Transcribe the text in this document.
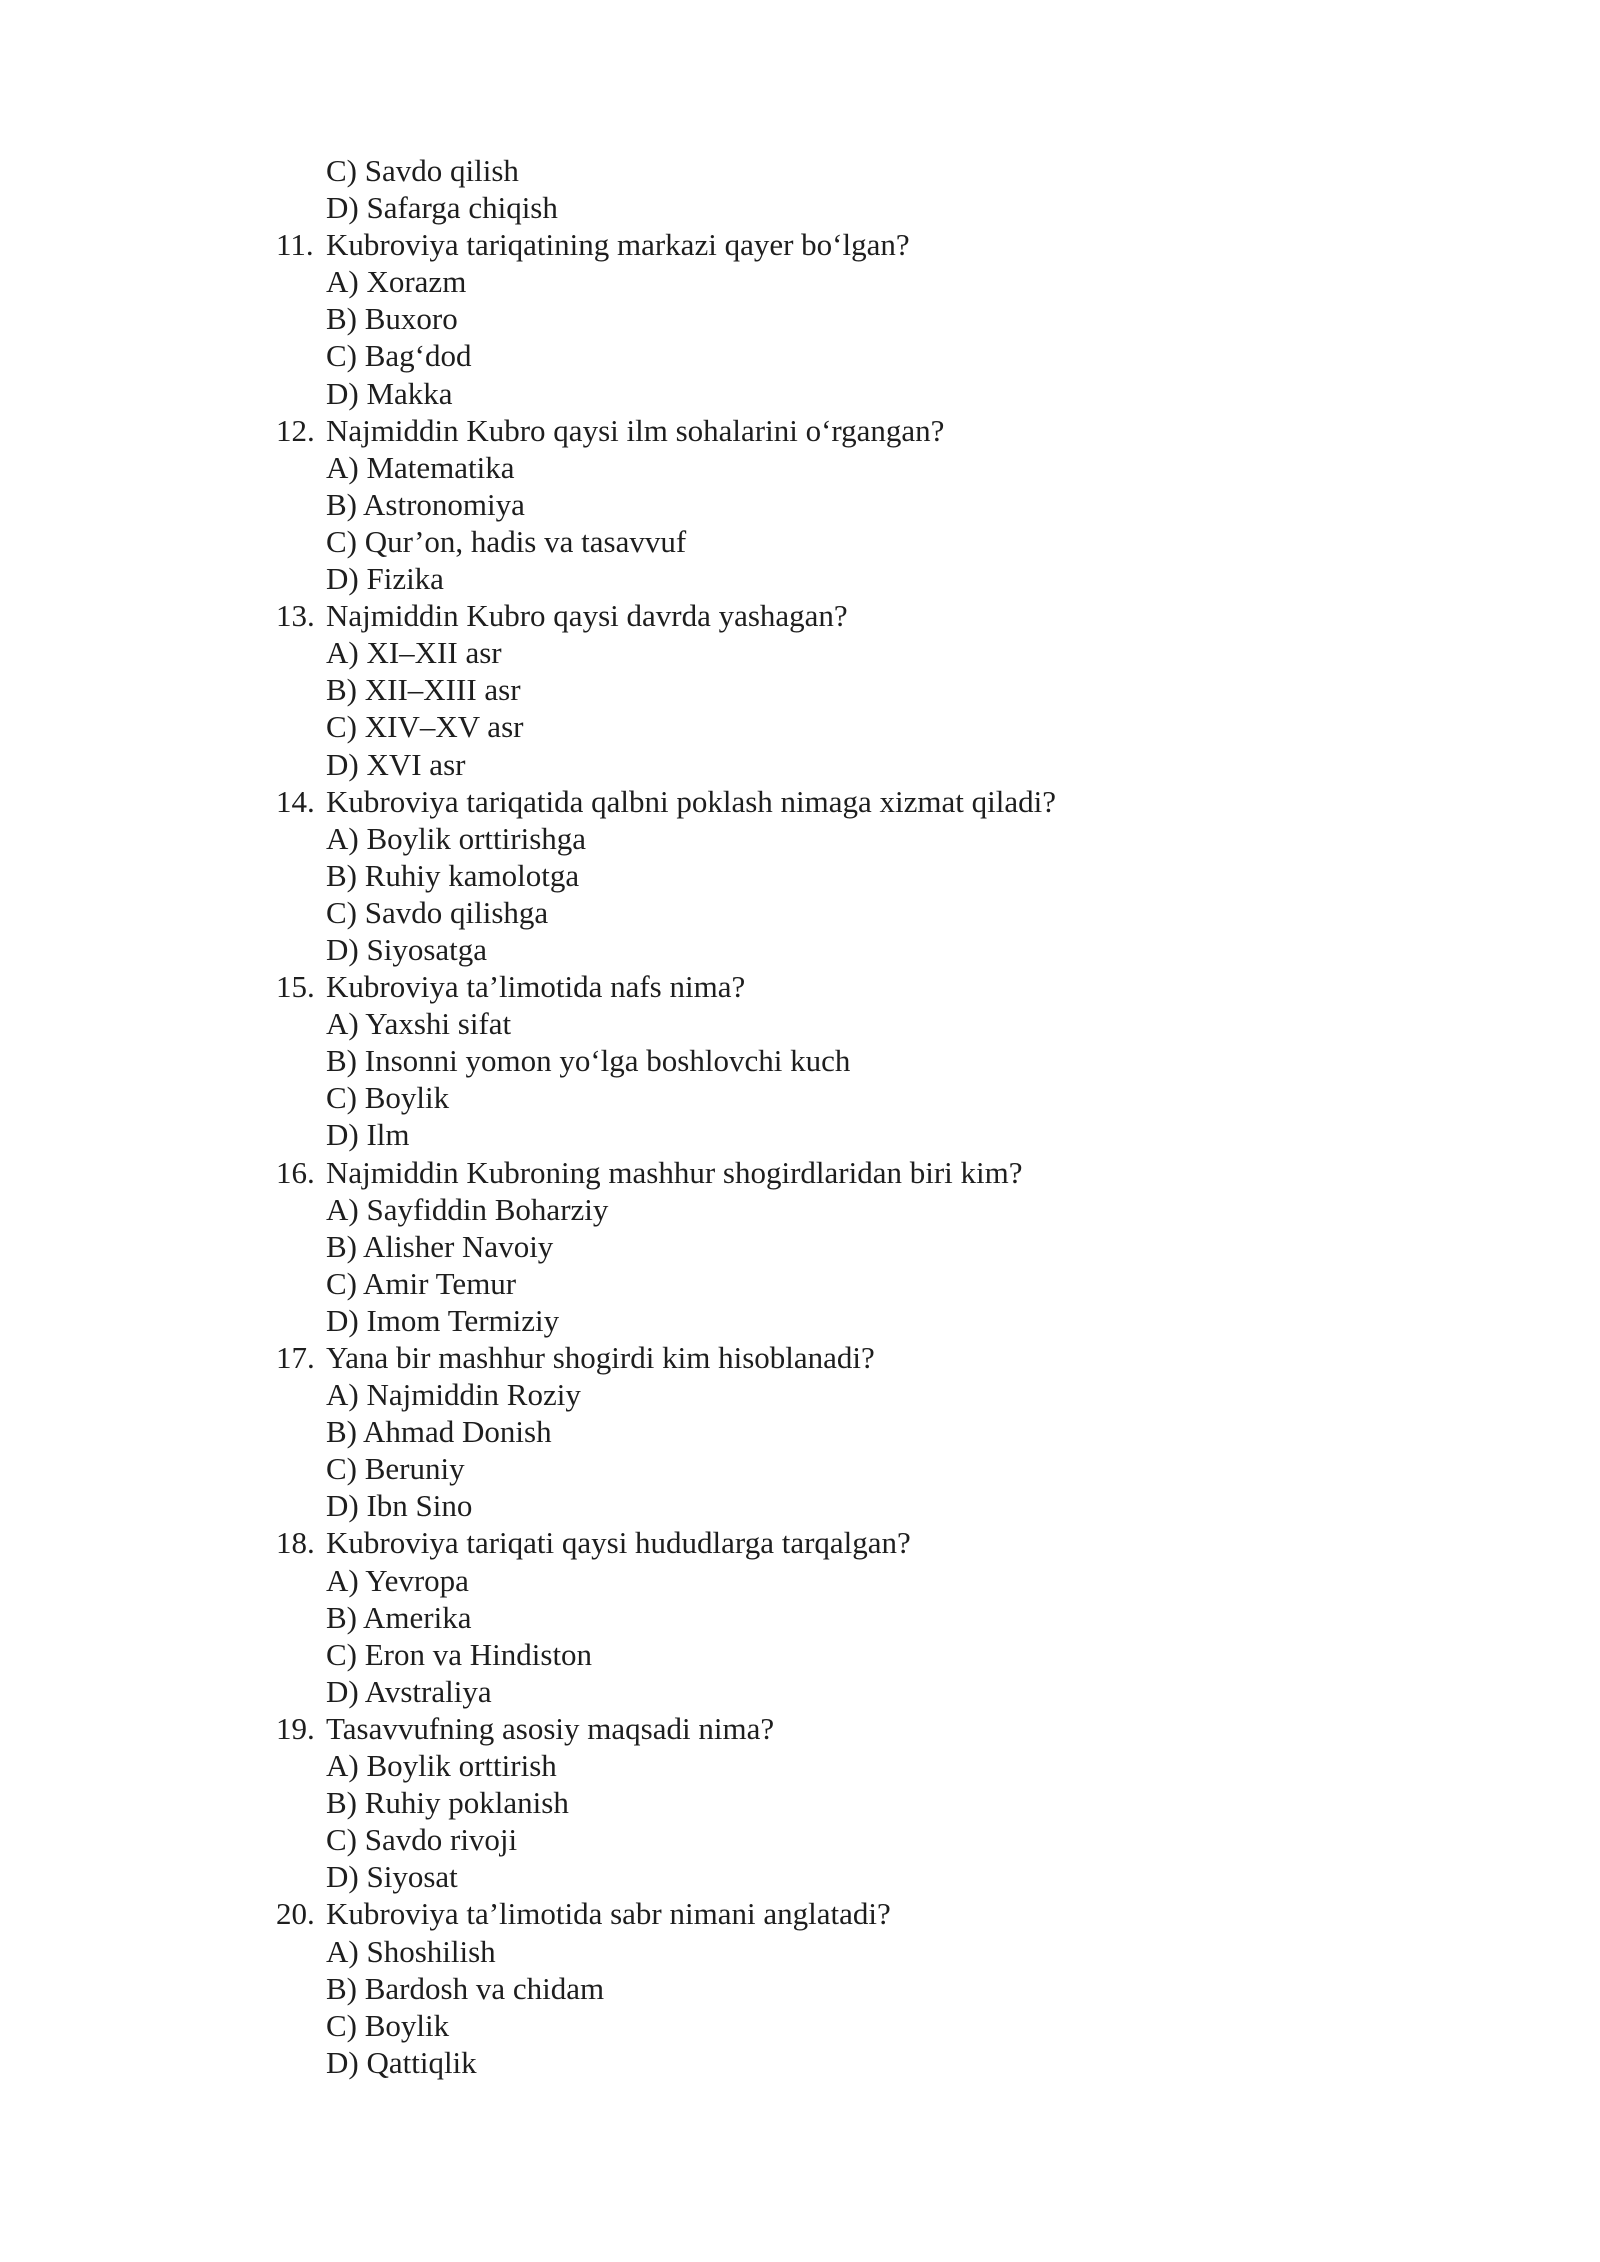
C) Savdo qilish
D) Safarga chiqish
11. Kubroviya tariqatining markazi qayer bo‘lgan?
A) Xorazm
B) Buxoro
C) Bag‘dod
D) Makka
12. Najmiddin Kubro qaysi ilm sohalarini o‘rgangan?
A) Matematika
B) Astronomiya
C) Qur’on, hadis va tasavvuf
D) Fizika
13. Najmiddin Kubro qaysi davrda yashagan?
A) XI–XII asr
B) XII–XIII asr
C) XIV–XV asr
D) XVI asr
14. Kubroviya tariqatida qalbni poklash nimaga xizmat qiladi?
A) Boylik orttirishga
B) Ruhiy kamolotga
C) Savdo qilishga
D) Siyosatga
15. Kubroviya ta’limotida nafs nima?
A) Yaxshi sifat
B) Insonni yomon yo‘lga boshlovchi kuch
C) Boylik
D) Ilm
16. Najmiddin Kubroning mashhur shogirdlaridan biri kim?
A) Sayfiddin Boharziy
B) Alisher Navoiy
C) Amir Temur
D) Imom Termiziy
17. Yana bir mashhur shogirdi kim hisoblanadi?
A) Najmiddin Roziy
B) Ahmad Donish
C) Beruniy
D) Ibn Sino
18. Kubroviya tariqati qaysi hududlarga tarqalgan?
A) Yevropa
B) Amerika
C) Eron va Hindiston
D) Avstraliya
19. Tasavvufning asosiy maqsadi nima?
A) Boylik orttirish
B) Ruhiy poklanish
C) Savdo rivoji
D) Siyosat
20. Kubroviya ta’limotida sabr nimani anglatadi?
A) Shoshilish
B) Bardosh va chidam
C) Boylik
D) Qattiqlik
